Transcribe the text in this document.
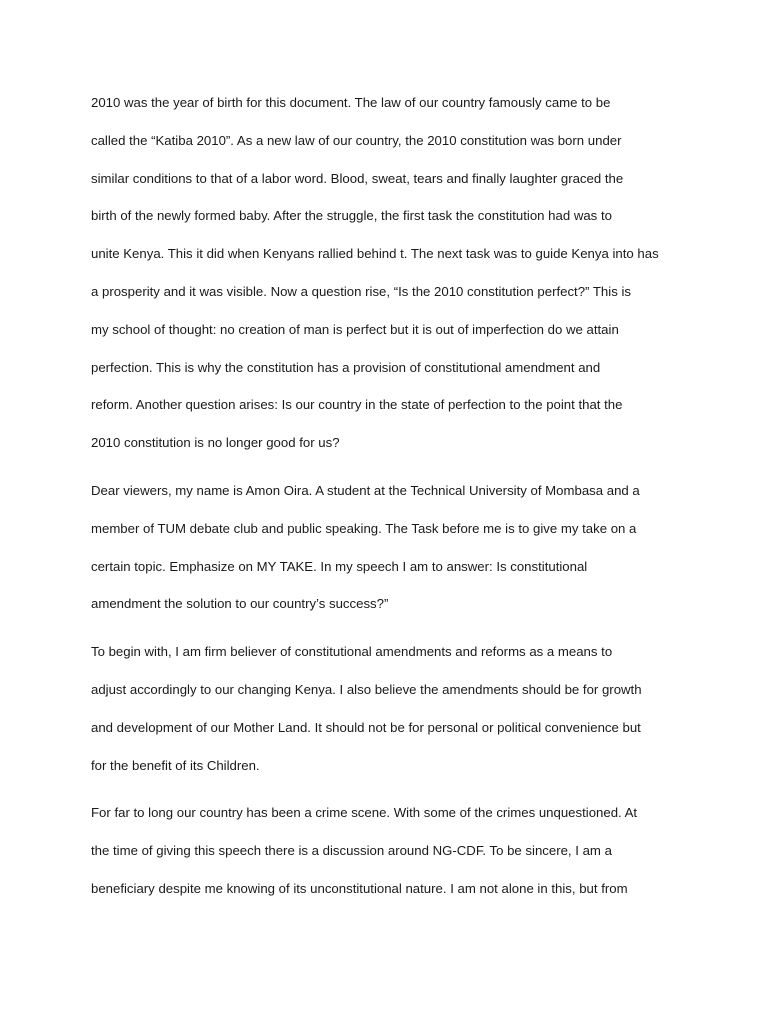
2010 was the year of birth for this document. The law of our country famously came to be
called the “Katiba 2010”. As a new law of our country, the 2010 constitution was born under
similar conditions to that of a labor word. Blood, sweat, tears and finally laughter graced the
birth of the newly formed baby. After the struggle, the first task the constitution had was to
unite Kenya. This it did when Kenyans rallied behind t. The next task was to guide Kenya into has
a prosperity and it was visible. Now a question rise, “Is the 2010 constitution perfect?” This is
my school of thought: no creation of man is perfect but it is out of imperfection do we attain
perfection. This is why the constitution has a provision of constitutional amendment and
reform. Another question arises: Is our country in the state of perfection to the point that the
2010 constitution is no longer good for us?

Dear viewers, my name is Amon Oira. A student at the Technical University of Mombasa and a
member of TUM debate club and public speaking. The Task before me is to give my take on a
certain topic. Emphasize on MY TAKE. In my speech I am to answer: Is constitutional
amendment the solution to our country’s success?”

To begin with, I am firm believer of constitutional amendments and reforms as a means to
adjust accordingly to our changing Kenya. I also believe the amendments should be for growth
and development of our Mother Land. It should not be for personal or political convenience but
for the benefit of its Children.

For far to long our country has been a crime scene. With some of the crimes unquestioned. At
the time of giving this speech there is a discussion around NG-CDF. To be sincere, I am a
beneficiary despite me knowing of its unconstitutional nature. I am not alone in this, but from
